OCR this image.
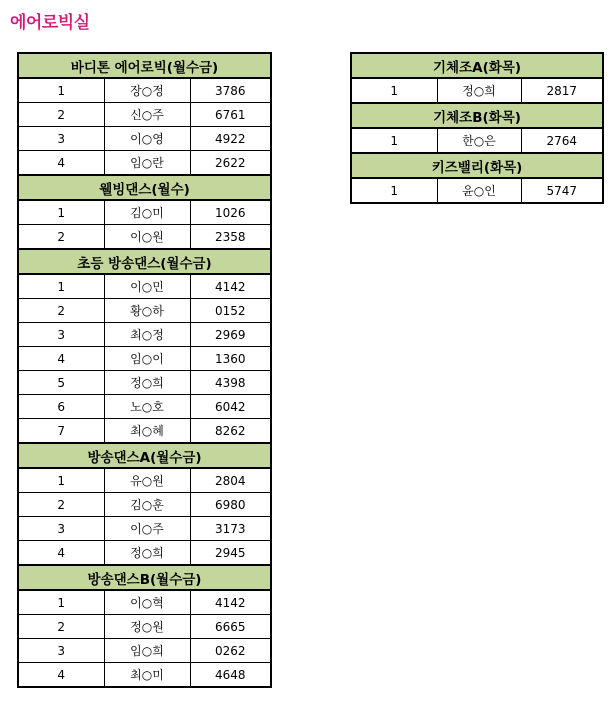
에어로빅실
바디톤 에어로빅(월수금)		
1	장○정	3786
2	신○주	6761
3	이○영	4922
4	임○란	2622
웰빙댄스(월수)		
1	김○미	1026
2	이○원	2358
초등 방송댄스(월수금)		
1	이○민	4142
2	황○하	0152
3	최○정	2969
4	임○이	1360
5	정○희	4398
6	노○호	6042
7	최○혜	8262
방송댄스A(월수금)		
1	유○원	2804
2	김○훈	6980
3	이○주	3173
4	정○희	2945
방송댄스B(월수금)		
1	이○혁	4142
2	정○원	6665
3	임○희	0262
4	최○미	4648
기체조A(화목)		
1	정○희	2817
기체조B(화목)		
1	한○은	2764
키즈밸리(화목)		
1	윤○인	5747
